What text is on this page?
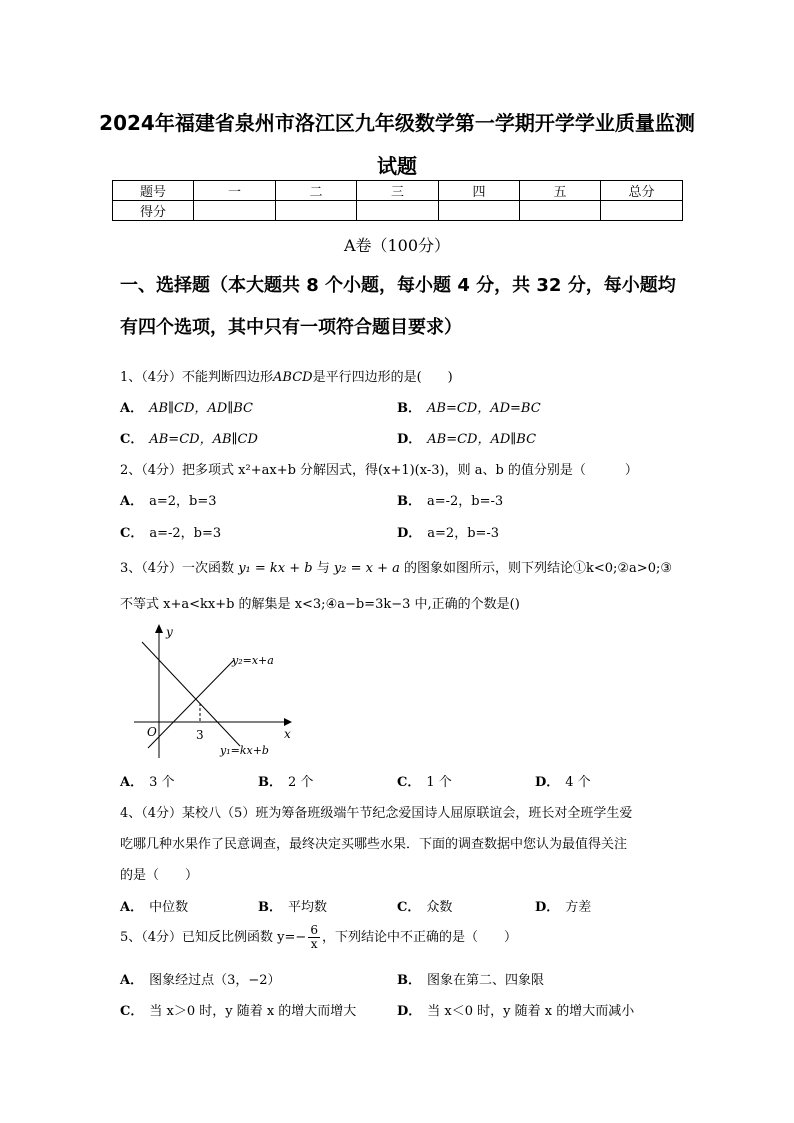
2024年福建省泉州市洛江区九年级数学第一学期开学学业质量监测
试题
题号	一	二	三	四	五	总分
得分						
A卷（100分）
一、选择题（本大题共 8 个小题，每小题 4 分，共 32 分，每小题均
有四个选项，其中只有一项符合题目要求）
1、（4分）不能判断四边形ABCD是平行四边形的是(　　)
A． AB∥CD，AD∥BC	B． AB=CD，AD=BC
C． AB=CD，AB∥CD	D． AB=CD，AD∥BC
2、（4分）把多项式 x²+ax+b 分解因式，得(x+1)(x-3)，则 a、b 的值分别是（　　　）
A． a=2，b=3	B． a=-2，b=-3
C． a=-2，b=3	D． a=2，b=-3
3、（4分）一次函数 y₁ = kx + b 与 y₂ = x + a 的图象如图所示，则下列结论①k<0;②a>0;③
不等式 x+a<kx+b 的解集是 x<3;④a−b=3k−3 中,正确的个数是()
y
x
O	3
y₂=x+a
y₁=kx+b
A． 3 个	B． 2 个	C． 1 个	D． 4 个
4、（4分）某校八（5）班为筹备班级端午节纪念爱国诗人屈原联谊会，班长对全班学生爱
吃哪几种水果作了民意调查，最终决定买哪些水果．下面的调查数据中您认为最值得关注
的是（　　）
A． 中位数	B． 平均数	C． 众数	D． 方差
5、（4分）已知反比例函数 $y=- \frac{6}{x}$ ，下列结论中不正确的是（　　）
A． 图象经过点（3，−2）	B． 图象在第二、四象限
C． 当 x＞0 时，y 随着 x 的增大而增大	D． 当 x＜0 时，y 随着 x 的增大而减小
